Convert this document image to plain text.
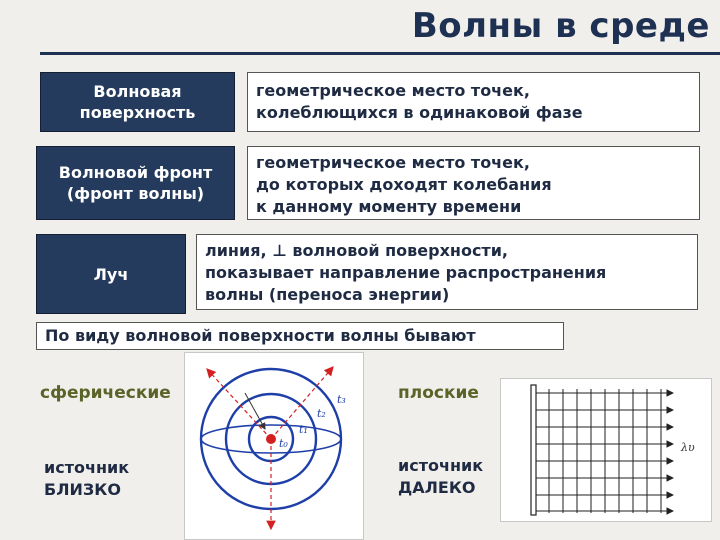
Волны в среде
Волновая
поверхность
геометрическое место точек,
колеблющихся в одинаковой фазе
Волновой фронт
(фронт волны)
геометрическое место точек,
до которых доходят колебания
к данному моменту времени
Луч
линия, ⊥ волновой поверхности,
показывает направление распространения
волны (переноса энергии)
По виду волновой поверхности волны бывают
сферические
источник
БЛИЗКО
t₀
t₁
t₂
t₃	плоские
источник
ДАЛЕКО
λυ
